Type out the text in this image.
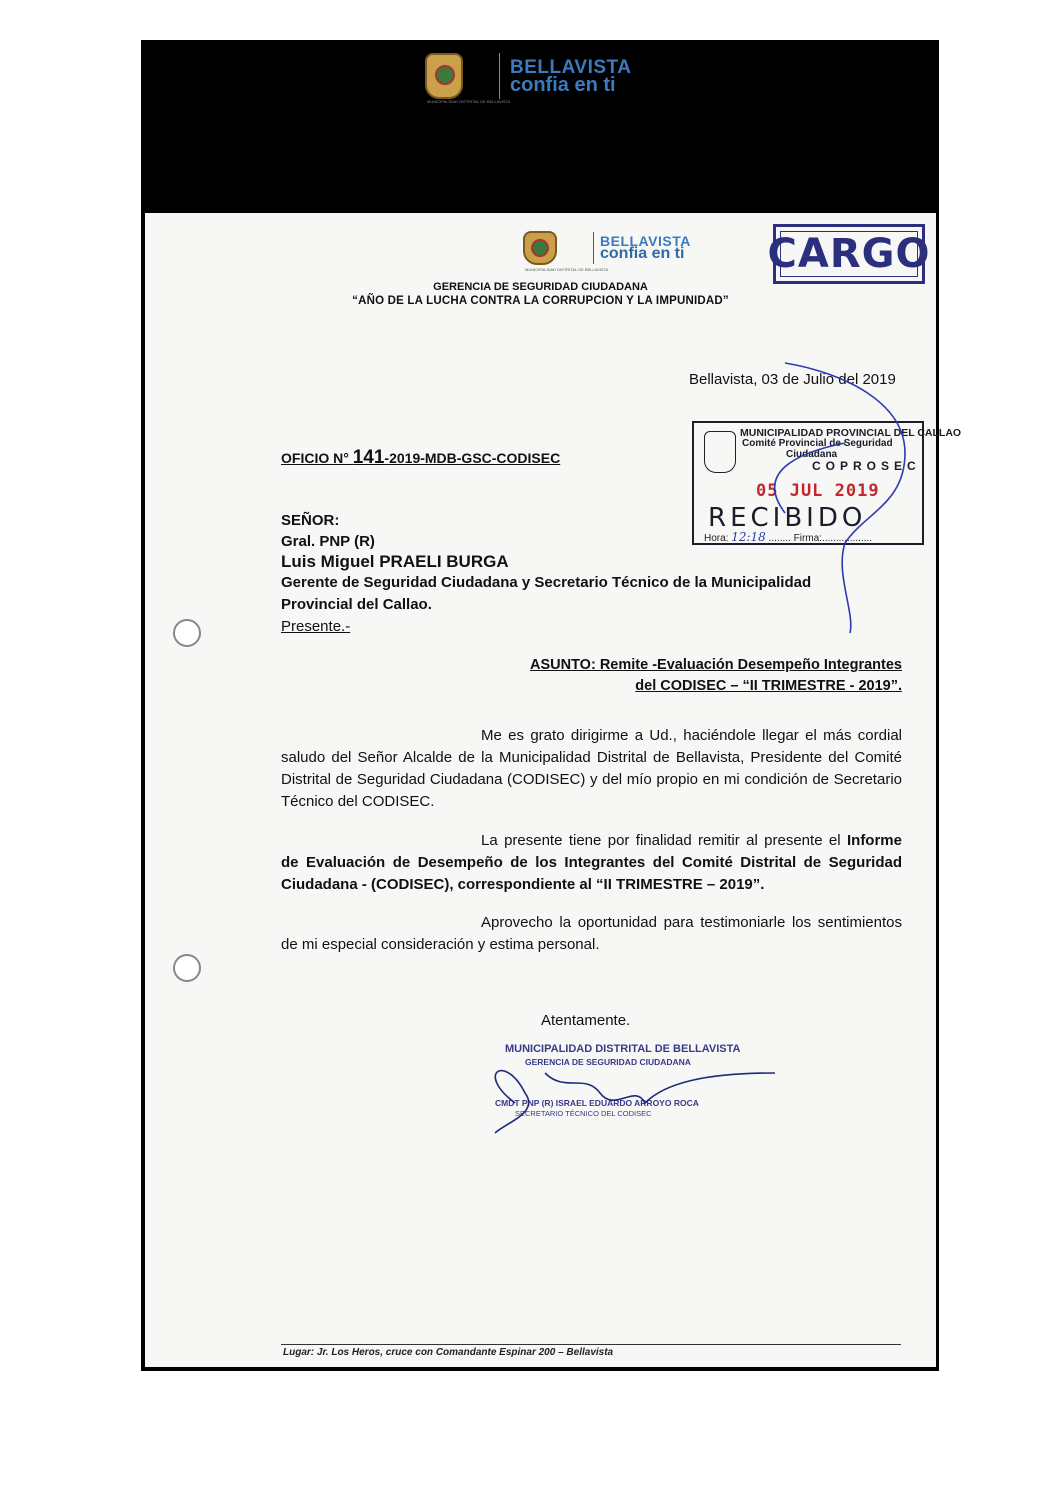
MUNICIPALIDAD DISTRITAL DE BELLAVISTA
BELLAVISTA
confia en ti
MUNICIPALIDAD DISTRITAL DE BELLAVISTA
BELLAVISTA
confia en ti CARGO
GERENCIA DE SEGURIDAD CIUDADANA
“AÑO DE LA LUCHA CONTRA LA CORRUPCION Y LA IMPUNIDAD”
Bellavista, 03 de Julio del 2019
OFICIO N° 141-2019-MDB-GSC-CODISEC
MUNICIPALIDAD PROVINCIAL DEL CALLAO
Comité Provincial de Seguridad
Ciudadana
COPROSEC
05 JUL 2019
RECIBIDO
Hora: 12:18 ........ Firma:..................
SEÑOR:
Gral. PNP (R)
Luis Miguel PRAELI BURGA
Gerente de Seguridad Ciudadana y Secretario Técnico de la Municipalidad
Provincial del Callao.
Presente.-
ASUNTO: Remite -Evaluación Desempeño Integrantes
del CODISEC – “II TRIMESTRE - 2019”.
Me es grato dirigirme a Ud., haciéndole llegar el más cordial saludo del Señor Alcalde de la Municipalidad Distrital de Bellavista, Presidente del Comité Distrital de Seguridad Ciudadana (CODISEC) y del mío propio en mi condición de Secretario Técnico del CODISEC.
La presente tiene por finalidad remitir al presente el Informe de Evaluación de Desempeño de los Integrantes del Comité Distrital de Seguridad Ciudadana - (CODISEC), correspondiente al “II TRIMESTRE – 2019”.
Aprovecho la oportunidad para testimoniarle los sentimientos de mi especial consideración y estima personal.
Atentamente.
MUNICIPALIDAD DISTRITAL DE BELLAVISTA
GERENCIA DE SEGURIDAD CIUDADANA
CMDT PNP (R) ISRAEL EDUARDO ARROYO ROCA
SECRETARIO TÉCNICO DEL CODISEC
Lugar: Jr. Los Heros, cruce con Comandante Espinar 200 – Bellavista
